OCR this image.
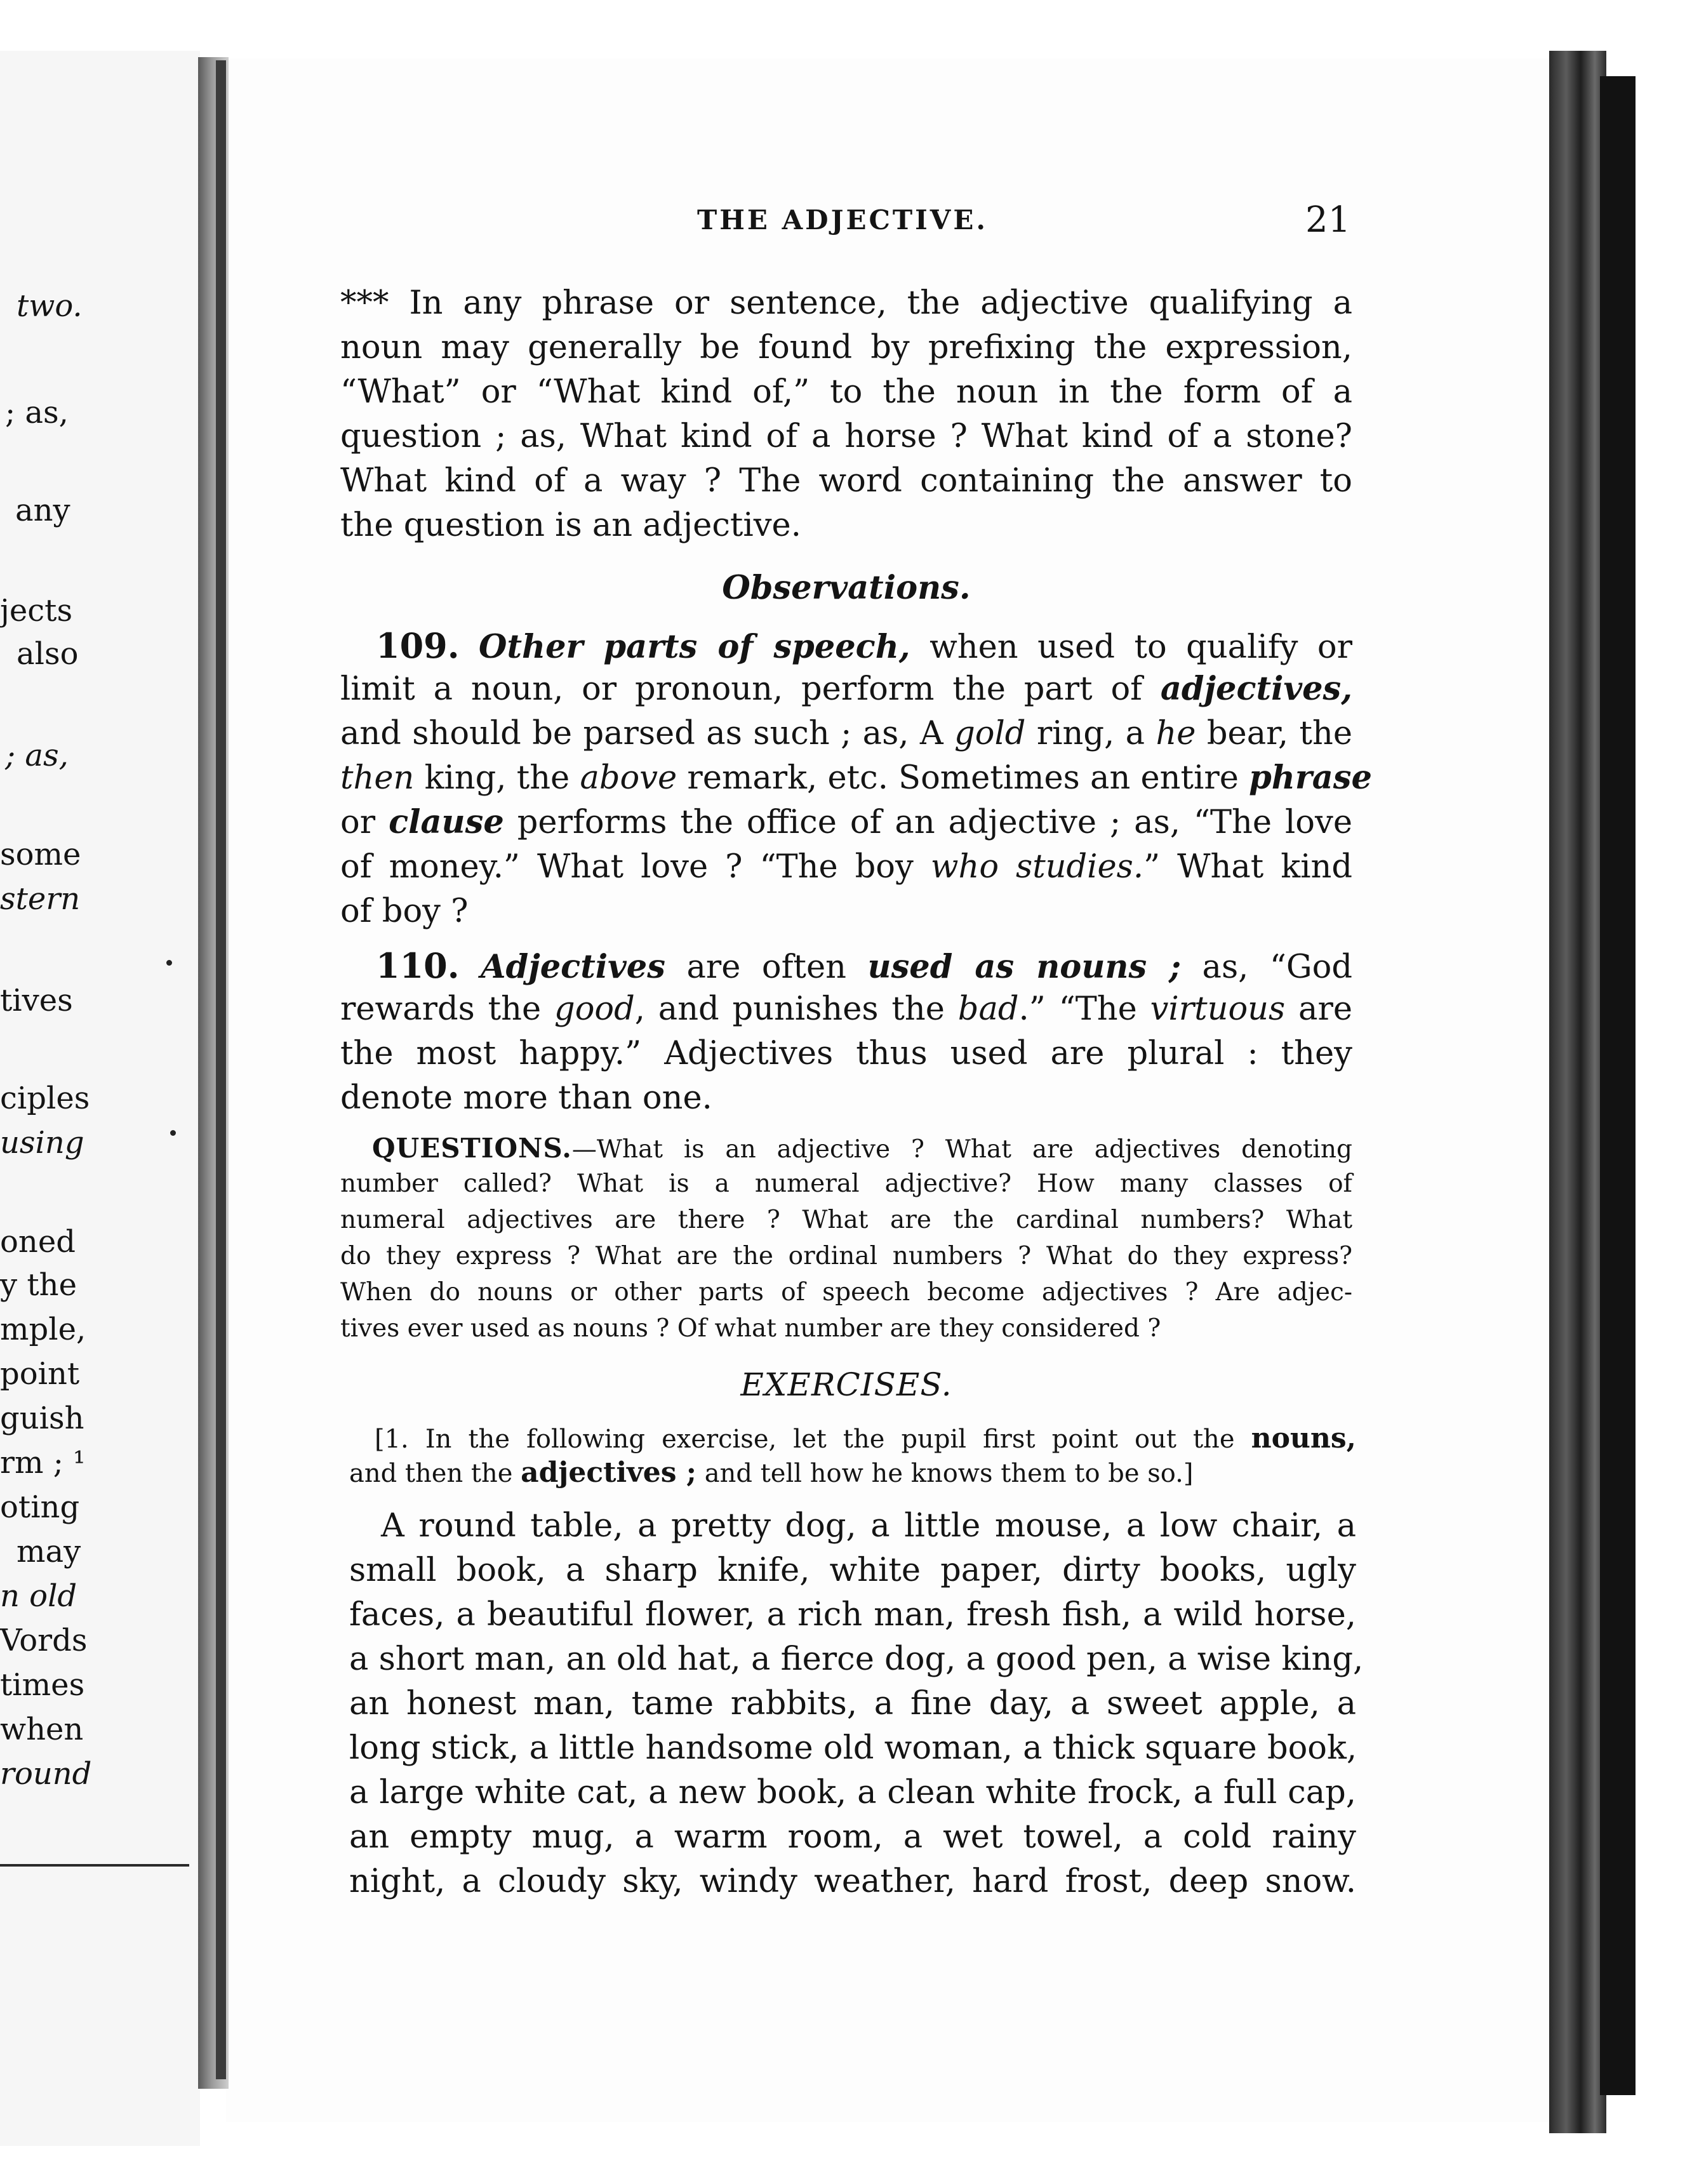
two.
; as,
any
jects
also
; as,
some
stern
tives
ciples
using
oned
y the
mple,
point
guish
rm ; ¹
oting
may
n old
Vords
times
when
round
THE ADJECTIVE.	21
*** In any phrase or sentence, the adjective qualifying a
noun may generally be found by prefixing the expression,
“What” or “What kind of,” to the noun in the form of a
question ; as, What kind of a horse ? What kind of a stone?
What kind of a way ? The word containing the answer to
the question is an adjective.
Observations.
109. Other parts of speech, when used to qualify or
limit a noun, or pronoun, perform the part of adjectives,
and should be parsed as such ; as, A gold ring, a he bear, the
then king, the above remark, etc. Sometimes an entire phrase
or clause performs the office of an adjective ; as, “The love
of money.” What love ? “The boy who studies.” What kind
of boy ?
110. Adjectives are often used as nouns ; as, “God
rewards the good, and punishes the bad.” “The virtuous are
the most happy.” Adjectives thus used are plural : they
denote more than one.
QUESTIONS.—What is an adjective ? What are adjectives denoting
number called? What is a numeral adjective? How many classes of
numeral adjectives are there ? What are the cardinal numbers? What
do they express ? What are the ordinal numbers ? What do they express?
When do nouns or other parts of speech become adjectives ? Are adjec-
tives ever used as nouns ? Of what number are they considered ?
EXERCISES.
[1. In the following exercise, let the pupil first point out the nouns,
and then the adjectives ; and tell how he knows them to be so.]
A round table, a pretty dog, a little mouse, a low chair, a
small book, a sharp knife, white paper, dirty books, ugly
faces, a beautiful flower, a rich man, fresh fish, a wild horse,
a short man, an old hat, a fierce dog, a good pen, a wise king,
an honest man, tame rabbits, a fine day, a sweet apple, a
long stick, a little handsome old woman, a thick square book,
a large white cat, a new book, a clean white frock, a full cap,
an empty mug, a warm room, a wet towel, a cold rainy
night, a cloudy sky, windy weather, hard frost, deep snow.
